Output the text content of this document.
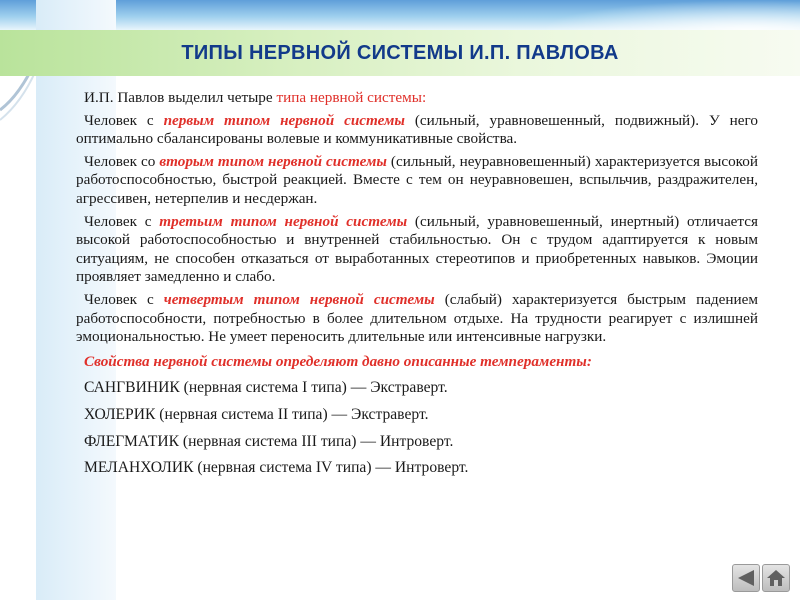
ТИПЫ НЕРВНОЙ СИСТЕМЫ И.П. ПАВЛОВА

И.П. Павлов выделил четыре типа нервной системы:

Человек с первым типом нервной системы (сильный, уравновешенный, подвижный). У него оптимально сбалансированы волевые и коммуникативные свойства.

Человек со вторым типом нервной системы (сильный, неуравновешенный) характеризуется высокой работоспособностью, быстрой реакцией. Вместе с тем он неуравновешен, вспыльчив, раздражителен, агрессивен, нетерпелив и несдержан.

Человек с третьим типом нервной системы (сильный, уравновешенный, инертный) отличается высокой работоспособностью и внутренней стабильностью. Он с трудом адаптируется к новым ситуациям, не способен отказаться от выработанных стереотипов и приобретенных навыков. Эмоции проявляет замедленно и слабо.

Человек с четвертым типом нервной системы (слабый) характеризуется быстрым падением работоспособности, потребностью в более длительном отдыхе. На трудности реагирует с излишней эмоциональностью. Не умеет переносить длительные или интенсивные нагрузки.

Свойства нервной системы определяют давно описанные темпераменты:

САНГВИНИК (нервная система I типа) — Экстраверт.

ХОЛЕРИК (нервная система II типа) — Экстраверт.

ФЛЕГМАТИК (нервная система III типа) — Интроверт.

МЕЛАНХОЛИК (нервная система IV типа) — Интроверт.
